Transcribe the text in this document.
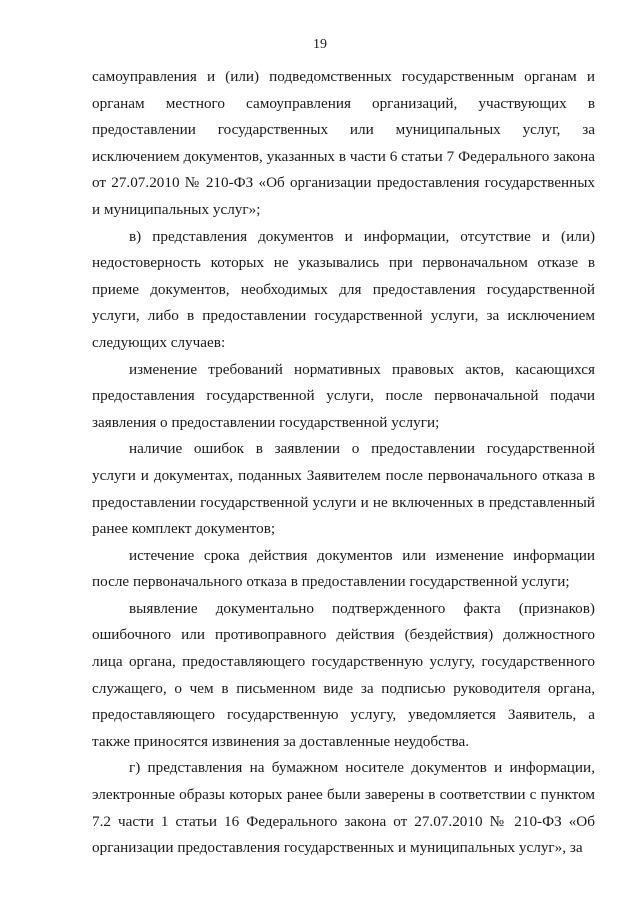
19

самоуправления и (или) подведомственных государственным органам и органам местного самоуправления организаций, участвующих в предоставлении государственных или муниципальных услуг, за исключением документов, указанных в части 6 статьи 7 Федерального закона от 27.07.2010 № 210-ФЗ «Об организации предоставления государственных и муниципальных услуг»;

в) представления документов и информации, отсутствие и (или) недостоверность которых не указывались при первоначальном отказе в приеме документов, необходимых для предоставления государственной услуги, либо в предоставлении государственной услуги, за исключением следующих случаев:

изменение требований нормативных правовых актов, касающихся предоставления государственной услуги, после первоначальной подачи заявления о предоставлении государственной услуги;

наличие ошибок в заявлении о предоставлении государственной услуги и документах, поданных Заявителем после первоначального отказа в предоставлении государственной услуги и не включенных в представленный ранее комплект документов;

истечение срока действия документов или изменение информации после первоначального отказа в предоставлении государственной услуги;

выявление документально подтвержденного факта (признаков) ошибочного или противоправного действия (бездействия) должностного лица органа, предоставляющего государственную услугу, государственного служащего, о чем в письменном виде за подписью руководителя органа, предоставляющего государственную услугу, уведомляется Заявитель, а также приносятся извинения за доставленные неудобства.

г) представления на бумажном носителе документов и информации, электронные образы которых ранее были заверены в соответствии с пунктом 7.2 части 1 статьи 16 Федерального закона от 27.07.2010 № 210-ФЗ «Об организации предоставления государственных и муниципальных услуг», за
